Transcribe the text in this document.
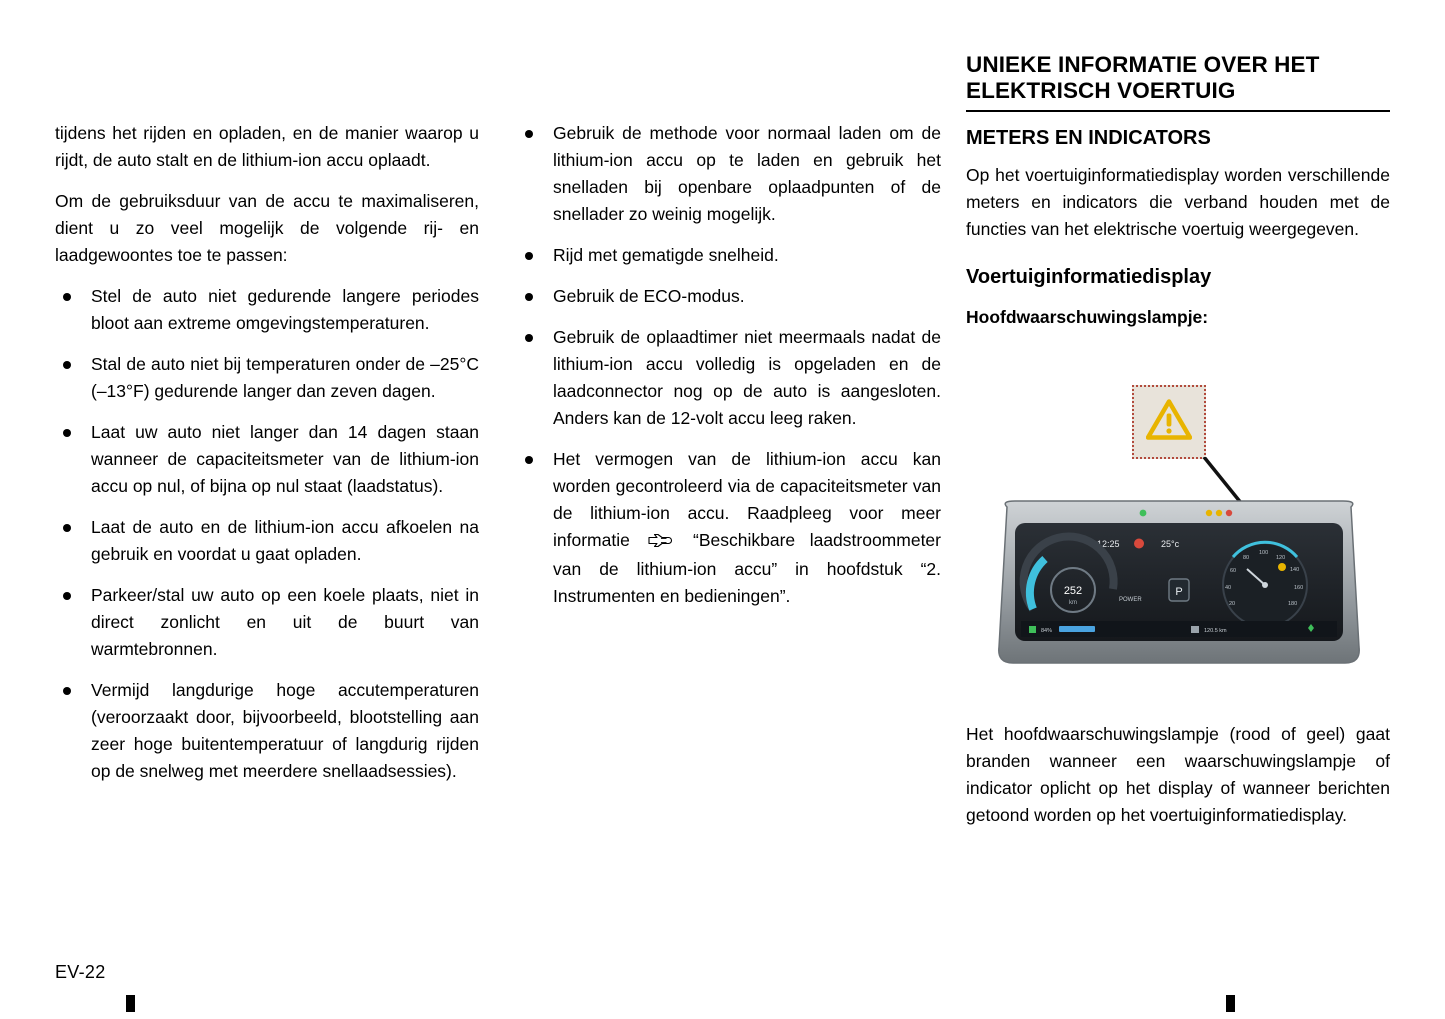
tijdens het rijden en opladen, en de manier waarop u rijdt, de auto stalt en de lithium-ion accu oplaadt.

Om de gebruiksduur van de accu te maximaliseren, dient u zo veel mogelijk de volgende rij- en laadgewoontes toe te passen:

Stel de auto niet gedurende langere periodes bloot aan extreme omgevingstemperaturen.
Stal de auto niet bij temperaturen onder de –25°C (–13°F) gedurende langer dan zeven dagen.
Laat uw auto niet langer dan 14 dagen staan wanneer de capaciteitsmeter van de lithium-ion accu op nul, of bijna op nul staat (laadstatus).
Laat de auto en de lithium-ion accu afkoelen na gebruik en voordat u gaat opladen.
Parkeer/stal uw auto op een koele plaats, niet in direct zonlicht en uit de buurt van warmtebronnen.
Vermijd langdurige hoge accutemperaturen (veroorzaakt door, bijvoorbeeld, blootstelling aan zeer hoge buitentemperatuur of langdurig rijden op de snelweg met meerdere snellaadsessies).
Gebruik de methode voor normaal laden om de lithium-ion accu op te laden en gebruik het snelladen bij openbare oplaadpunten of de snellader zo weinig mogelijk.
Rijd met gematigde snelheid.
Gebruik de ECO-modus.
Gebruik de oplaadtimer niet meermaals nadat de lithium-ion accu volledig is opgeladen en de laadconnector nog op de auto is aangesloten. Anders kan de 12-volt accu leeg raken.
Het vermogen van de lithium-ion accu kan worden gecontroleerd via de capaciteitsmeter van de lithium-ion accu. Raadpleeg voor meer informatie	“Beschikbare laadstroommeter van de lithium-ion accu” in hoofdstuk “2. Instrumenten en bedieningen”.
UNIEKE INFORMATIE OVER HET ELEKTRISCH VOERTUIG
METERS EN INDICATORS

Op het voertuiginformatiedisplay worden verschillende meters en indicators die verband houden met de functies van het elektrische voertuig weergegeven.

Voertuiginformatiedisplay
Hoofdwaarschuwingslampje:
12:25	25°c
252
km	POWER
P
20
40
60
80
100
120
140
160
180
84%	120.5 km

Het hoofdwaarschuwingslampje (rood of geel) gaat branden wanneer een waarschuwingslampje of indicator oplicht op het display of wanneer berichten getoond worden op het voertuiginformatiedisplay.

EV-22
